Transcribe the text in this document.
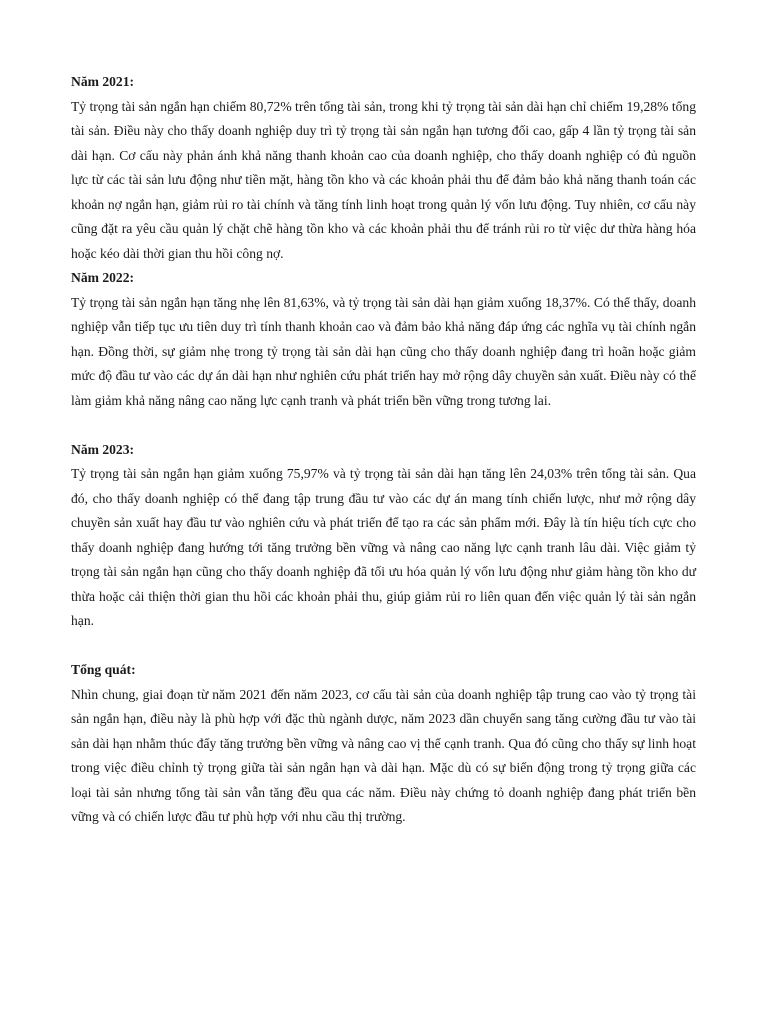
Năm 2021:

Tỷ trọng tài sản ngắn hạn chiếm 80,72% trên tổng tài sản, trong khi tỷ trọng tài sản dài hạn chỉ chiếm 19,28% tổng tài sản. Điều này cho thấy doanh nghiệp duy trì tỷ trọng tài sản ngắn hạn tương đối cao, gấp 4 lần tỷ trọng tài sản dài hạn. Cơ cấu này phản ánh khả năng thanh khoản cao của doanh nghiệp, cho thấy doanh nghiệp có đủ nguồn lực từ các tài sản lưu động như tiền mặt, hàng tồn kho và các khoản phải thu để đảm bảo khả năng thanh toán các khoản nợ ngắn hạn, giảm rủi ro tài chính và tăng tính linh hoạt trong quản lý vốn lưu động. Tuy nhiên, cơ cấu này cũng đặt ra yêu cầu quản lý chặt chẽ hàng tồn kho và các khoản phải thu để tránh rủi ro từ việc dư thừa hàng hóa hoặc kéo dài thời gian thu hồi công nợ.

Năm 2022:

Tỷ trọng tài sản ngắn hạn tăng nhẹ lên 81,63%, và tỷ trọng tài sản dài hạn giảm xuống 18,37%. Có thể thấy, doanh nghiệp vẫn tiếp tục ưu tiên duy trì tính thanh khoản cao và đảm bảo khả năng đáp ứng các nghĩa vụ tài chính ngắn hạn. Đồng thời, sự giảm nhẹ trong tỷ trọng tài sản dài hạn cũng cho thấy doanh nghiệp đang trì hoãn hoặc giảm mức độ đầu tư vào các dự án dài hạn như nghiên cứu phát triển hay mở rộng dây chuyền sản xuất. Điều này có thể làm giảm khả năng nâng cao năng lực cạnh tranh và phát triển bền vững trong tương lai.

Năm 2023:

Tỷ trọng tài sản ngắn hạn giảm xuống 75,97% và tỷ trọng tài sản dài hạn tăng lên 24,03% trên tổng tài sản. Qua đó, cho thấy doanh nghiệp có thể đang tập trung đầu tư vào các dự án mang tính chiến lược, như mở rộng dây chuyền sản xuất hay đầu tư vào nghiên cứu và phát triển để tạo ra các sản phẩm mới. Đây là tín hiệu tích cực cho thấy doanh nghiệp đang hướng tới tăng trưởng bền vững và nâng cao năng lực cạnh tranh lâu dài. Việc giảm tỷ trọng tài sản ngắn hạn cũng cho thấy doanh nghiệp đã tối ưu hóa quản lý vốn lưu động như giảm hàng tồn kho dư thừa hoặc cải thiện thời gian thu hồi các khoản phải thu, giúp giảm rủi ro liên quan đến việc quản lý tài sản ngắn hạn.

Tổng quát:

Nhìn chung, giai đoạn từ năm 2021 đến năm 2023, cơ cấu tài sản của doanh nghiệp tập trung cao vào tỷ trọng tài sản ngắn hạn, điều này là phù hợp với đặc thù ngành dược, năm 2023 dần chuyển sang tăng cường đầu tư vào tài sản dài hạn nhằm thúc đẩy tăng trưởng bền vững và nâng cao vị thế cạnh tranh. Qua đó cũng cho thấy sự linh hoạt trong việc điều chỉnh tỷ trọng giữa tài sản ngắn hạn và dài hạn. Mặc dù có sự biến động trong tỷ trọng giữa các loại tài sản nhưng tổng tài sản vẫn tăng đều qua các năm. Điều này chứng tỏ doanh nghiệp đang phát triển bền vững và có chiến lược đầu tư phù hợp với nhu cầu thị trường.
